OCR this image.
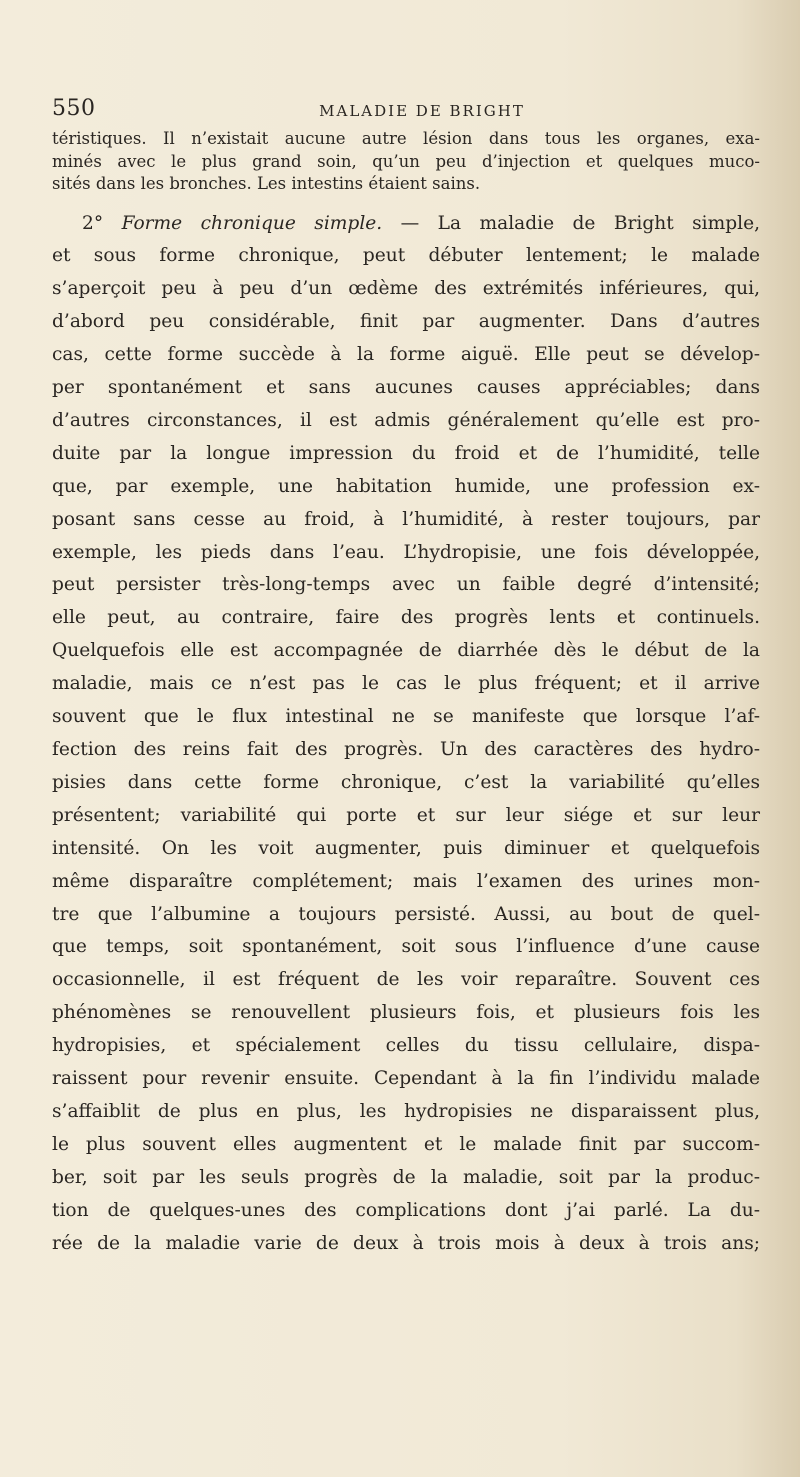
550	MALADIE DE BRIGHT
téristiques. Il n’existait aucune autre lésion dans tous les organes, exa-
minés avec le plus grand soin, qu’un peu d’injection et quelques muco-
sités dans les bronches. Les intestins étaient sains.
2° Forme chronique simple. — La maladie de Bright simple,
et sous forme chronique, peut débuter lentement; le malade
s’aperçoit peu à peu d’un œdème des extrémités inférieures, qui,
d’abord peu considérable, finit par augmenter. Dans d’autres
cas, cette forme succède à la forme aiguë. Elle peut se dévelop-
per spontanément et sans aucunes causes appréciables; dans
d’autres circonstances, il est admis généralement qu’elle est pro-
duite par la longue impression du froid et de l’humidité, telle
que, par exemple, une habitation humide, une profession ex-
posant sans cesse au froid, à l’humidité, à rester toujours, par
exemple, les pieds dans l’eau. L’hydropisie, une fois développée,
peut persister très-long-temps avec un faible degré d’intensité;
elle peut, au contraire, faire des progrès lents et continuels.
Quelquefois elle est accompagnée de diarrhée dès le début de la
maladie, mais ce n’est pas le cas le plus fréquent; et il arrive
souvent que le flux intestinal ne se manifeste que lorsque l’af-
fection des reins fait des progrès. Un des caractères des hydro-
pisies dans cette forme chronique, c’est la variabilité qu’elles
présentent; variabilité qui porte et sur leur siége et sur leur
intensité. On les voit augmenter, puis diminuer et quelquefois
même disparaître complétement; mais l’examen des urines mon-
tre que l’albumine a toujours persisté. Aussi, au bout de quel-
que temps, soit spontanément, soit sous l’influence d’une cause
occasionnelle, il est fréquent de les voir reparaître. Souvent ces
phénomènes se renouvellent plusieurs fois, et plusieurs fois les
hydropisies, et spécialement celles du tissu cellulaire, dispa-
raissent pour revenir ensuite. Cependant à la fin l’individu malade
s’affaiblit de plus en plus, les hydropisies ne disparaissent plus,
le plus souvent elles augmentent et le malade finit par succom-
ber, soit par les seuls progrès de la maladie, soit par la produc-
tion de quelques-unes des complications dont j’ai parlé. La du-
rée de la maladie varie de deux à trois mois à deux à trois ans;
